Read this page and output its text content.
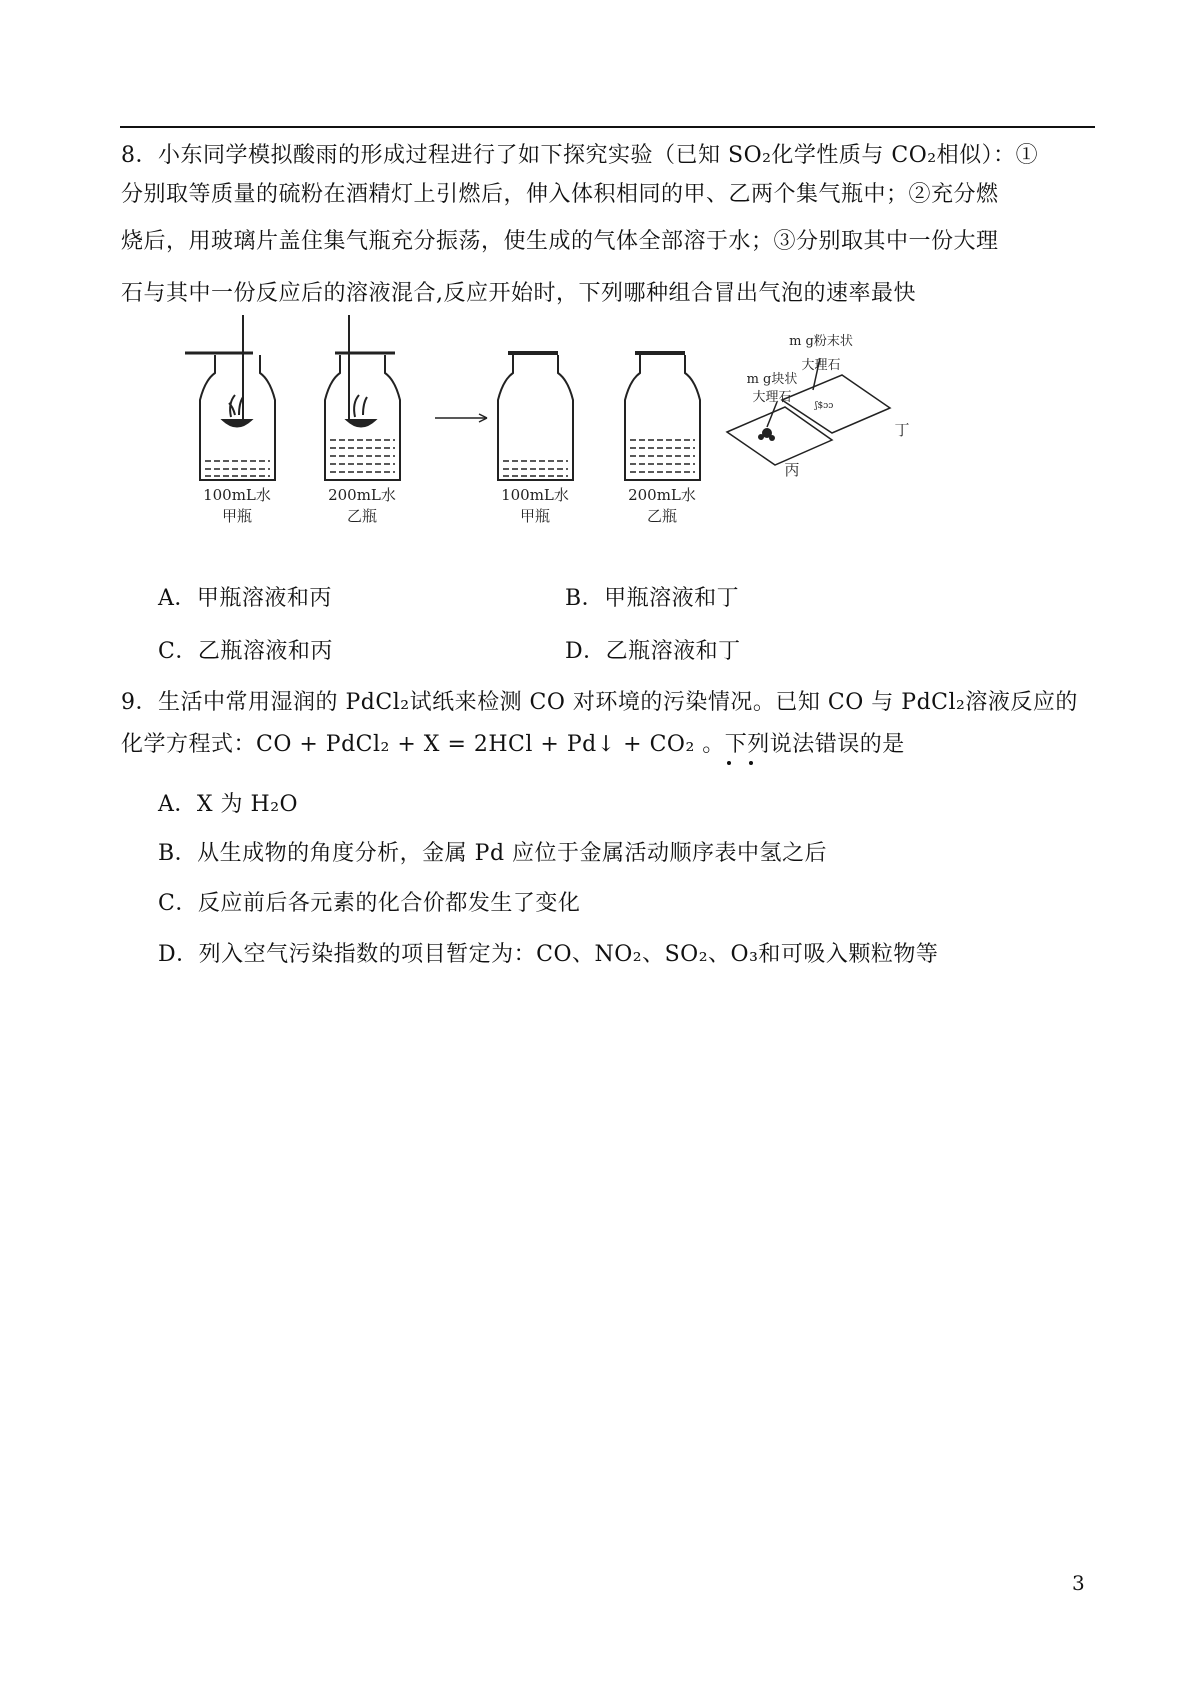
8．小东同学模拟酸雨的形成过程进行了如下探究实验（已知 SO₂化学性质与 CO₂相似）：①
分别取等质量的硫粉在酒精灯上引燃后，伸入体积相同的甲、乙两个集气瓶中；②充分燃
烧后，用玻璃片盖住集气瓶充分振荡，使生成的气体全部溶于水；③分别取其中一份大理
石与其中一份反应后的溶液混合,反应开始时，下列哪种组合冒出气泡的速率最快
ʃ$ɔɔ
100mL水
甲瓶
200mL水
乙瓶
100mL水
甲瓶
200mL水
乙瓶
m g块状
大理石
m g粉末状
大理石
丙
丁
A．甲瓶溶液和丙	B．甲瓶溶液和丁
C．乙瓶溶液和丙	D．乙瓶溶液和丁
9．生活中常用湿润的 PdCl₂试纸来检测 CO 对环境的污染情况。已知 CO 与 PdCl₂溶液反应的
化学方程式：CO + PdCl₂ + X = 2HCl + Pd↓ + CO₂ 。下列说法错误的是
A．X 为 H₂O
B．从生成物的角度分析，金属 Pd 应位于金属活动顺序表中氢之后
C．反应前后各元素的化合价都发生了变化
D．列入空气污染指数的项目暂定为：CO、NO₂、SO₂、O₃和可吸入颗粒物等
3
